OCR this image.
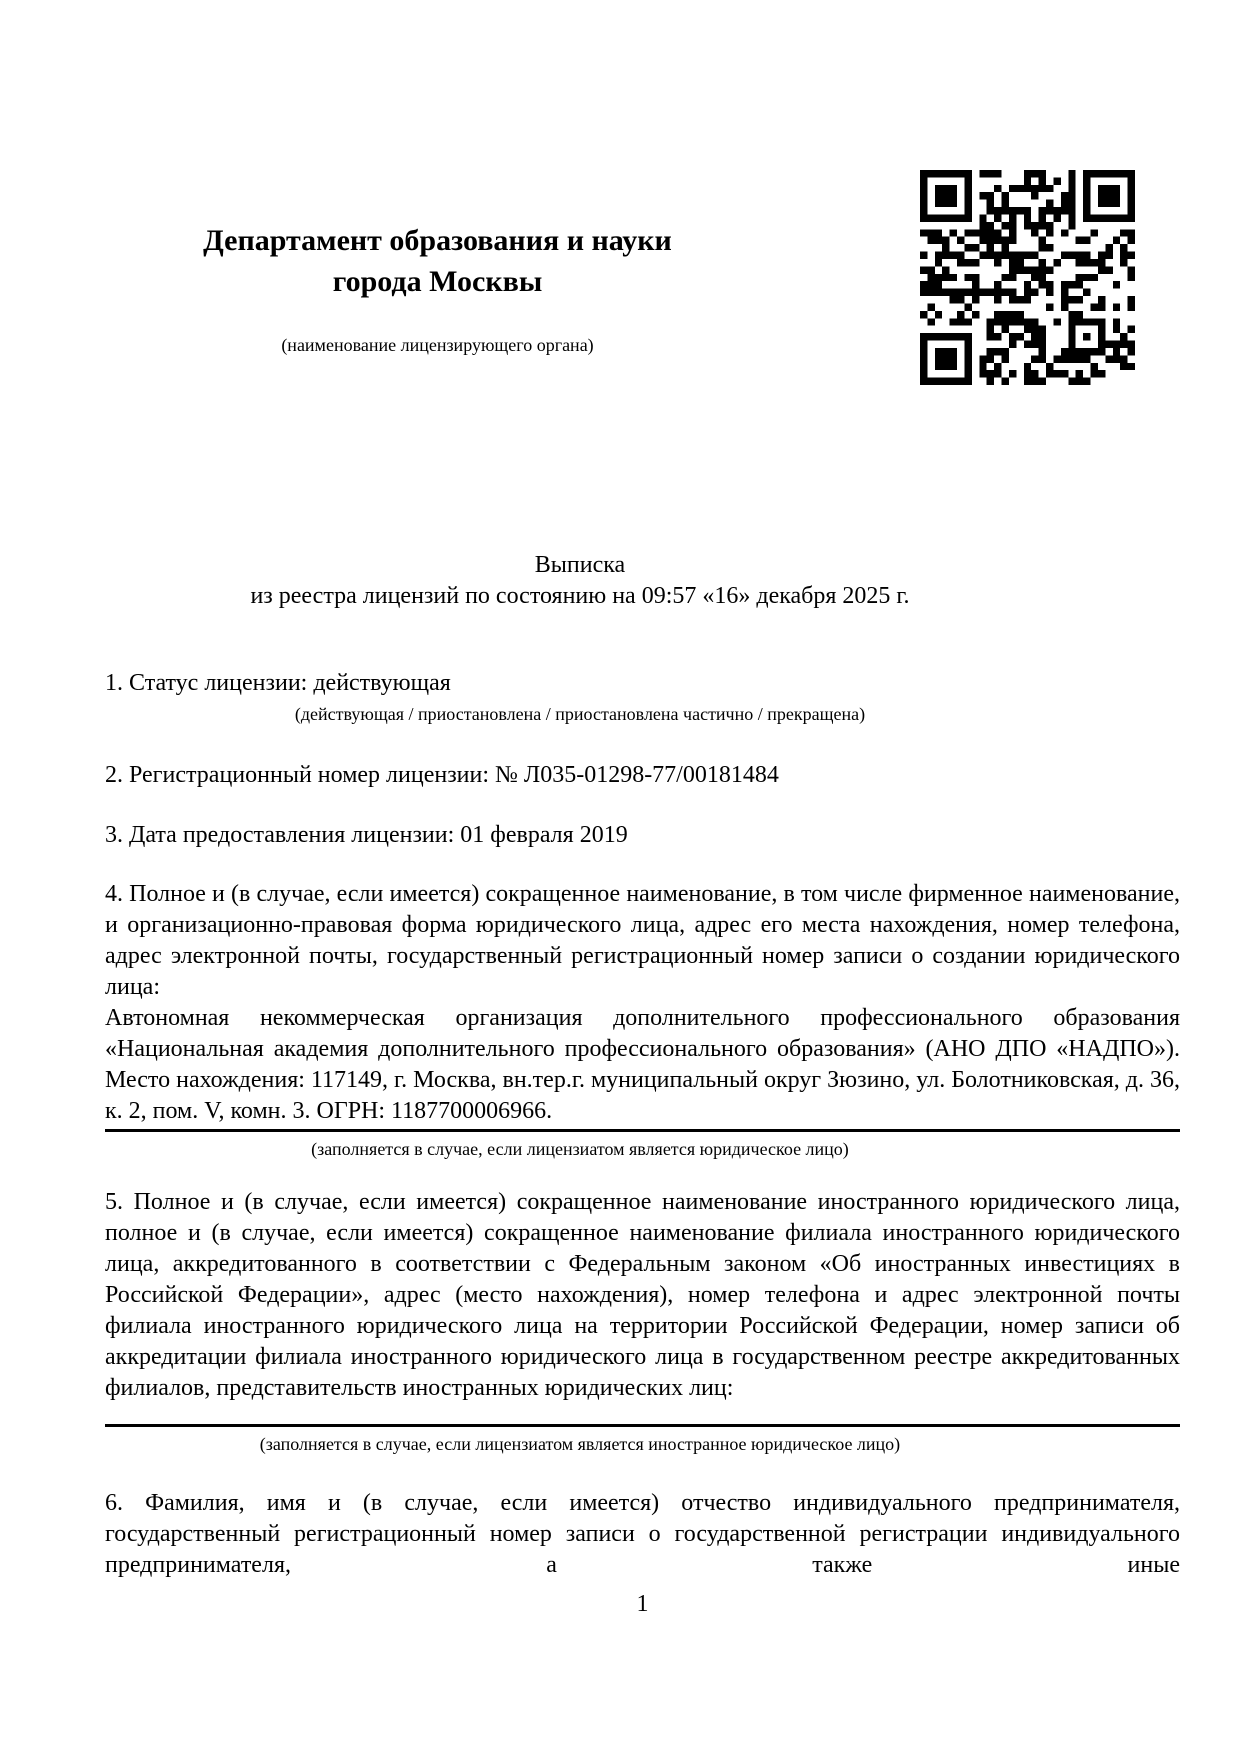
Департамент образования и науки
города Москвы
(наименование лицензирующего органа)
Выписка
из реестра лицензий по состоянию на 09:57 «16» декабря 2025 г.
1. Статус лицензии: действующая
(действующая / приостановлена / приостановлена частично / прекращена)
2. Регистрационный номер лицензии: № Л035-01298-77/00181484
3. Дата предоставления лицензии: 01 февраля 2019

4. Полное и (в случае, если имеется) сокращенное наименование, в том числе фирменное наименование, и организационно-правовая форма юридического лица, адрес его места нахождения, номер телефона, адрес электронной почты, государственный регистрационный номер записи о создании юридического лица:

Автономная некоммерческая организация дополнительного профессионального образования «Национальная академия дополнительного профессионального образования» (АНО ДПО «НАДПО»). Место нахождения: 117149, г. Москва, вн.тер.г. муниципальный округ Зюзино, ул. Болотниковская, д. 36, к. 2, пом. V, комн. 3. ОГРН: 1187700006966.

(заполняется в случае, если лицензиатом является юридическое лицо)

5. Полное и (в случае, если имеется) сокращенное наименование иностранного юридического лица, полное и (в случае, если имеется) сокращенное наименование филиала иностранного юридического лица, аккредитованного в соответствии с Федеральным законом «Об иностранных инвестициях в Российской Федерации», адрес (место нахождения), номер телефона и адрес электронной почты филиала иностранного юридического лица на территории Российской Федерации, номер записи об аккредитации филиала иностранного юридического лица в государственном реестре аккредитованных филиалов, представительств иностранных юридических лиц:

(заполняется в случае, если лицензиатом является иностранное юридическое лицо)

6. Фамилия, имя и (в случае, если имеется) отчество индивидуального предпринимателя, государственный регистрационный номер записи о государственной регистрации индивидуального предпринимателя, а также иные

1
